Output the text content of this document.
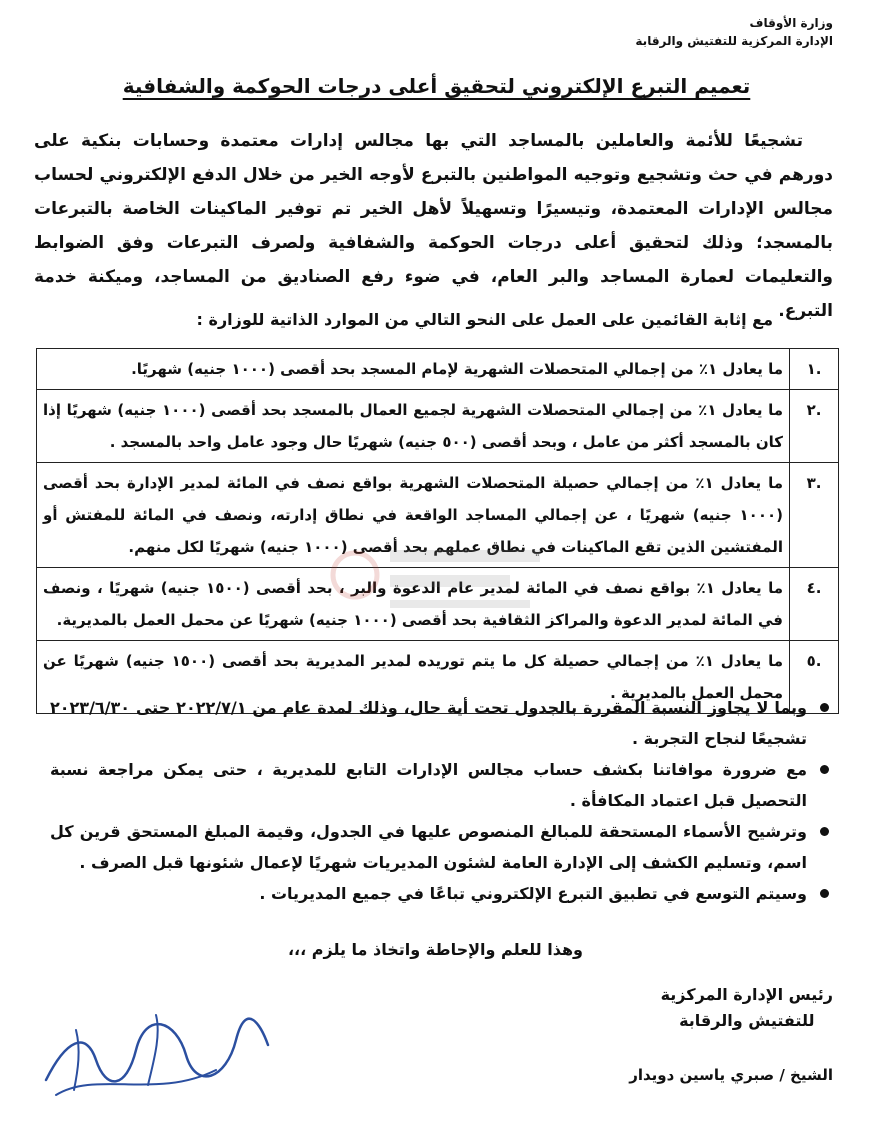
وزارة الأوقاف
الإدارة المركزية للتفتيش والرقابة
تعميم التبرع الإلكتروني لتحقيق أعلى درجات الحوكمة والشفافية

تشجيعًا للأئمة والعاملين بالمساجد التي بها مجالس إدارات معتمدة وحسابات بنكية على دورهم في حث وتشجيع وتوجيه المواطنين بالتبرع لأوجه الخير من خلال الدفع الإلكتروني لحساب مجالس الإدارات المعتمدة، وتيسيرًا وتسهيلاً لأهل الخير تم توفير الماكينات الخاصة بالتبرعات بالمسجد؛ وذلك لتحقيق أعلى درجات الحوكمة والشفافية ولصرف التبرعات وفق الضوابط والتعليمات لعمارة المساجد والبر العام، في ضوء رفع الصناديق من المساجد، وميكنة خدمة التبرع.

مع إثابة القائمين على العمل على النحو التالي من الموارد الذاتية للوزارة :
.١	ما يعادل ١٪ من إجمالي المتحصلات الشهرية لإمام المسجد بحد أقصى (١٠٠٠ جنيه) شهريًا.
.٢	ما يعادل ١٪ من إجمالي المتحصلات الشهرية لجميع العمال بالمسجد بحد أقصى (١٠٠٠ جنيه) شهريًا إذا كان بالمسجد أكثر من عامل ، وبحد أقصى (٥٠٠ جنيه) شهريًا حال وجود عامل واحد بالمسجد .
.٣	ما يعادل ١٪ من إجمالي حصيلة المتحصلات الشهرية بواقع نصف في المائة لمدير الإدارة بحد أقصى (١٠٠٠ جنيه) شهريًا ، عن إجمالي المساجد الواقعة في نطاق إدارته، ونصف في المائة للمفتش أو المفتشين الذين تقع الماكينات في نطاق عملهم بحد أقصى (١٠٠٠ جنيه) شهريًا لكل منهم.
.٤	ما يعادل ١٪ بواقع نصف في المائة لمدير عام الدعوة والبر ، بحد أقصى (١٥٠٠ جنيه) شهريًا ، ونصف في المائة لمدير الدعوة والمراكز الثقافية بحد أقصى (١٠٠٠ جنيه) شهريًا عن محمل العمل بالمديرية.
.٥	ما يعادل ١٪ من إجمالي حصيلة كل ما يتم توريده لمدير المديرية بحد أقصى (١٥٠٠ جنيه) شهريًا عن محمل العمل بالمديرية .
وبما لا يجاوز النسبة المقررة بالجدول تحت أية حال، وذلك لمدة عام من ٢٠٢٢/٧/١ حتى ٢٠٢٣/٦/٣٠ تشجيعًا لنجاح التجربة .
مع ضرورة موافاتنا بكشف حساب مجالس الإدارات التابع للمديرية ، حتى يمكن مراجعة نسبة التحصيل قبل اعتماد المكافأة .
وترشيح الأسماء المستحقة للمبالغ المنصوص عليها في الجدول، وقيمة المبلغ المستحق قرين كل اسم، وتسليم الكشف إلى الإدارة العامة لشئون المديريات شهريًا لإعمال شئونها قبل الصرف .
وسيتم التوسع في تطبيق التبرع الإلكتروني تباعًا في جميع المديريات .
وهذا للعلم والإحاطة واتخاذ ما يلزم ،،،
رئيس الإدارة المركزية
للتفتيش والرقابة
الشيخ / صبري ياسين دويدار
